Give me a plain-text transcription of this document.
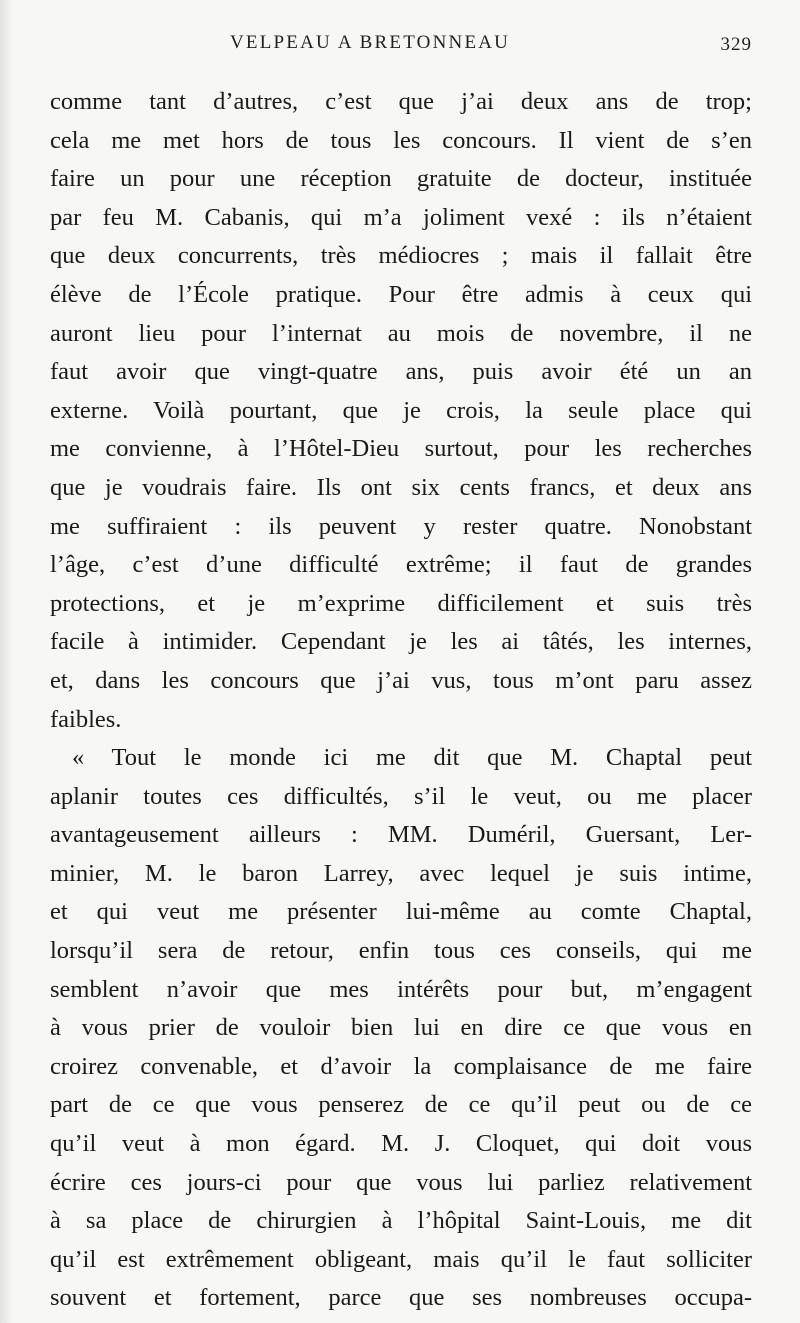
VELPEAU A BRETONNEAU	329
comme tant d’autres, c’est que j’ai deux ans de trop;
cela me met hors de tous les concours. Il vient de s’en
faire un pour une réception gratuite de docteur, instituée
par feu M. Cabanis, qui m’a joliment vexé : ils n’étaient
que deux concurrents, très médiocres ; mais il fallait être
élève de l’École pratique. Pour être admis à ceux qui
auront lieu pour l’internat au mois de novembre, il ne
faut avoir que vingt-quatre ans, puis avoir été un an
externe. Voilà pourtant, que je crois, la seule place qui
me convienne, à l’Hôtel-Dieu surtout, pour les recherches
que je voudrais faire. Ils ont six cents francs, et deux ans
me suffiraient : ils peuvent y rester quatre. Nonobstant
l’âge, c’est d’une difficulté extrême; il faut de grandes
protections, et je m’exprime difficilement et suis très
facile à intimider. Cependant je les ai tâtés, les internes,
et, dans les concours que j’ai vus, tous m’ont paru assez
faibles.
« Tout le monde ici me dit que M. Chaptal peut
aplanir toutes ces difficultés, s’il le veut, ou me placer
avantageusement ailleurs : MM. Duméril, Guersant, Ler-
minier, M. le baron Larrey, avec lequel je suis intime,
et qui veut me présenter lui-même au comte Chaptal,
lorsqu’il sera de retour, enfin tous ces conseils, qui me
semblent n’avoir que mes intérêts pour but, m’engagent
à vous prier de vouloir bien lui en dire ce que vous en
croirez convenable, et d’avoir la complaisance de me faire
part de ce que vous penserez de ce qu’il peut ou de ce
qu’il veut à mon égard. M. J. Cloquet, qui doit vous
écrire ces jours-ci pour que vous lui parliez relativement
à sa place de chirurgien à l’hôpital Saint-Louis, me dit
qu’il est extrêmement obligeant, mais qu’il le faut solliciter
souvent et fortement, parce que ses nombreuses occupa-
